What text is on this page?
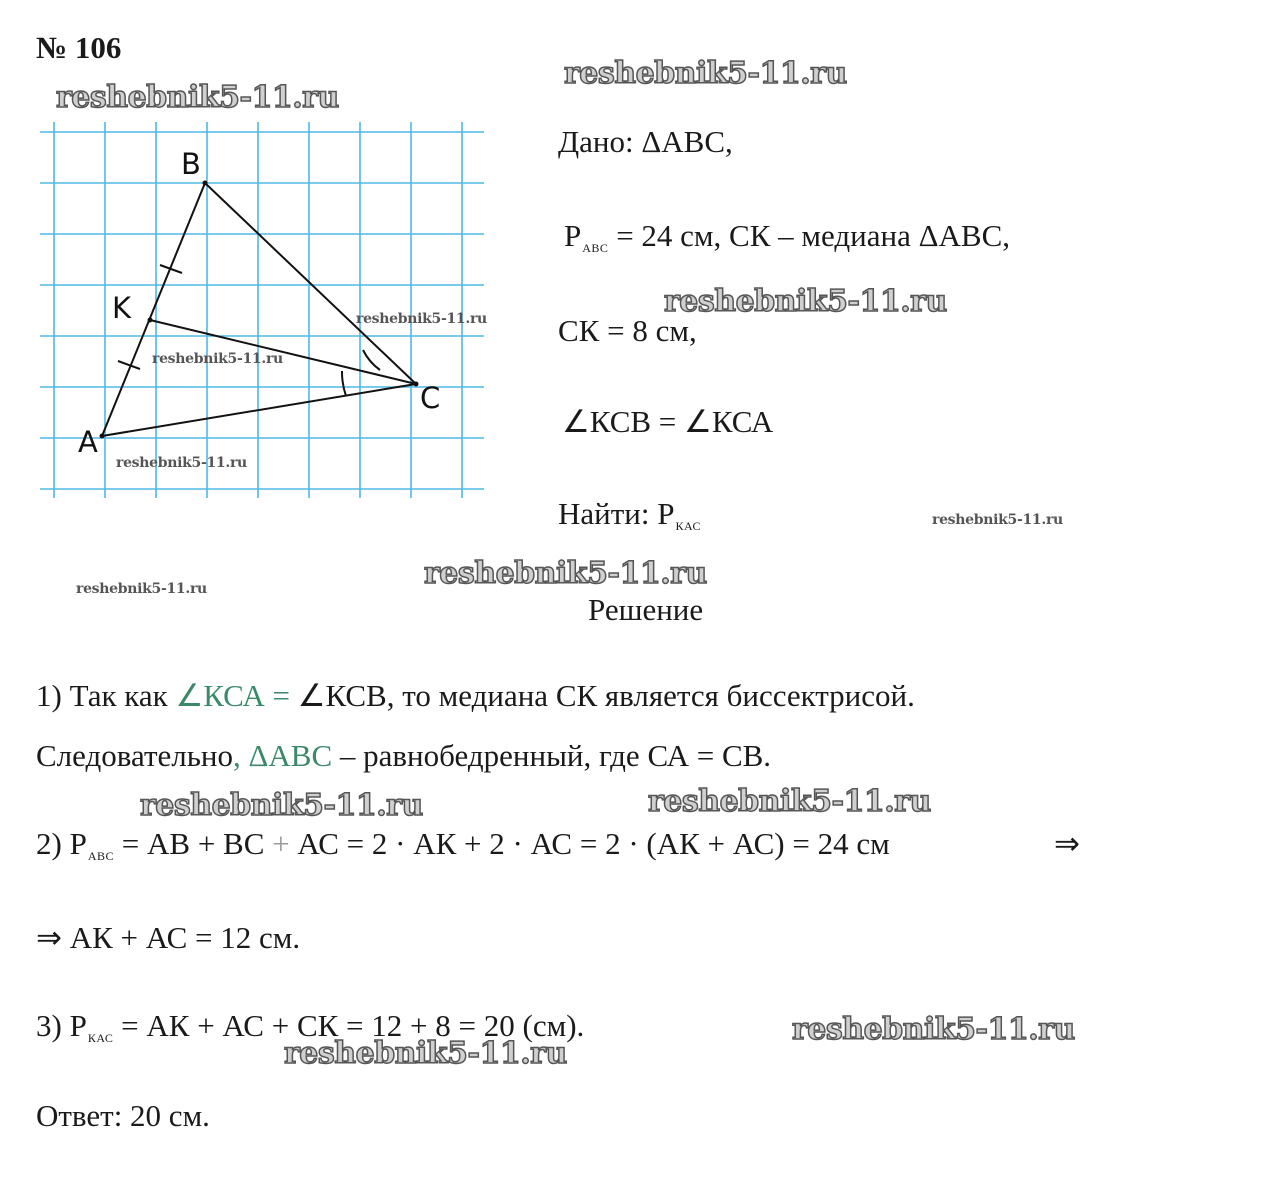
B
K
C
A
№ 106
reshebnik5-11.ru
reshebnik5-11.ru
reshebnik5-11.ru
reshebnik5-11.ru
reshebnik5-11.ru	reshebnik5-11.ru
reshebnik5-11.ru
reshebnik5-11.ru
reshebnik5-11.ru
reshebnik5-11.ru
reshebnik5-11.ru
reshebnik5-11.ru
reshebnik5-11.ru
Дано: ΔАВС,
$P_{АВС} = 24$ см, СК – медиана ΔАВС,
СК = 8 см,
∠КСВ = ∠КСА
Найти: $P_{КАС}$
Решение
1) Так как ∠КСА = ∠КСВ, то медиана СК является биссектрисой.
Следовательно, ΔАВС – равнобедренный, где СА = СВ.
2) $P_{АВС}$ = АВ + ВС + АС = 2 · АК + 2 · АС = 2 · (АК + АС) = 24 см	⇒
⇒ АК + АС = 12 см.
3) $P_{КАС}$ = АК + АС + СК = 12 + 8 = 20 (см).
Ответ: 20 см.
